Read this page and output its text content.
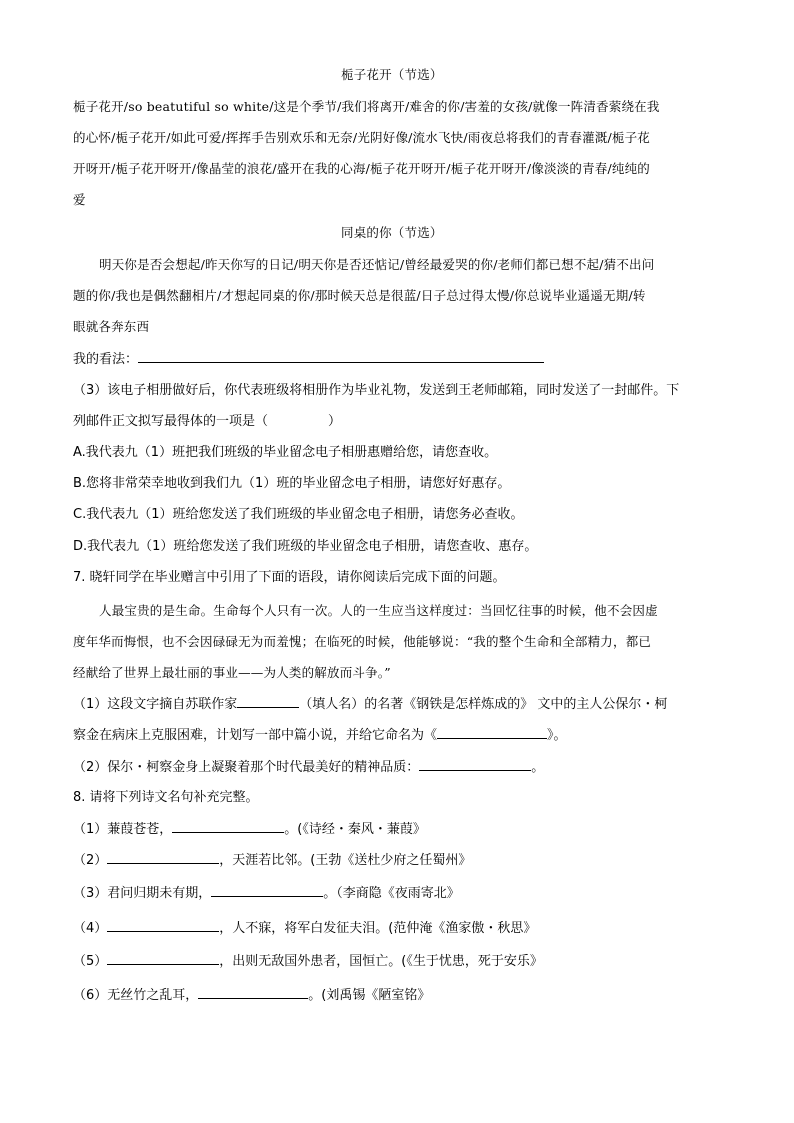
栀子花开（节选）
栀子花开/so beatutiful so white/这是个季节/我们将离开/难舍的你/害羞的女孩/就像一阵清香萦绕在我
的心怀/栀子花开/如此可爱/挥挥手告别欢乐和无奈/光阴好像/流水飞快/雨夜总将我们的青春灌溉/栀子花
开呀开/栀子花开呀开/像晶莹的浪花/盛开在我的心海/栀子花开呀开/栀子花开呀开/像淡淡的青春/纯纯的
爱
同桌的你（节选）
明天你是否会想起/昨天你写的日记/明天你是否还惦记/曾经最爱哭的你/老师们都已想不起/猜不出问
题的你/我也是偶然翻相片/才想起同桌的你/那时候天总是很蓝/日子总过得太慢/你总说毕业遥遥无期/转
眼就各奔东西
我的看法：
（3）该电子相册做好后，你代表班级将相册作为毕业礼物，发送到王老师邮箱，同时发送了一封邮件。下
列邮件正文拟写最得体的一项是（	）
A.我代表九（1）班把我们班级的毕业留念电子相册惠赠给您，请您查收。
B.您将非常荣幸地收到我们九（1）班的毕业留念电子相册，请您好好惠存。
C.我代表九（1）班给您发送了我们班级的毕业留念电子相册，请您务必查收。
D.我代表九（1）班给您发送了我们班级的毕业留念电子相册，请您查收、惠存。
7. 晓轩同学在毕业赠言中引用了下面的语段，请你阅读后完成下面的问题。
人最宝贵的是生命。生命每个人只有一次。人的一生应当这样度过：当回忆往事的时候，他不会因虚
度年华而悔恨，也不会因碌碌无为而羞愧；在临死的时候，他能够说：“我的整个生命和全部精力，都已
经献给了世界上最壮丽的事业——为人类的解放而斗争。”
（1）这段文字摘自苏联作家	（填人名）的名著《钢铁是怎样炼成的》 文中的主人公保尔・柯
察金在病床上克服困难，计划写一部中篇小说，并给它命名为《	》。
（2）保尔・柯察金身上凝聚着那个时代最美好的精神品质：	。
8. 请将下列诗文名句补充完整。
（1）蒹葭苍苍，	。(《诗经・秦风・蒹葭》
（2）	，天涯若比邻。(王勃《送杜少府之任蜀州》
（3）君问归期未有期，	。（李商隐《夜雨寄北》
（4）	，人不寐，将军白发征夫泪。(范仲淹《渔家傲・秋思》
（5）	，出则无敌国外患者，国恒亡。(《生于忧患，死于安乐》
（6）无丝竹之乱耳，	。(刘禹锡《陋室铭》
